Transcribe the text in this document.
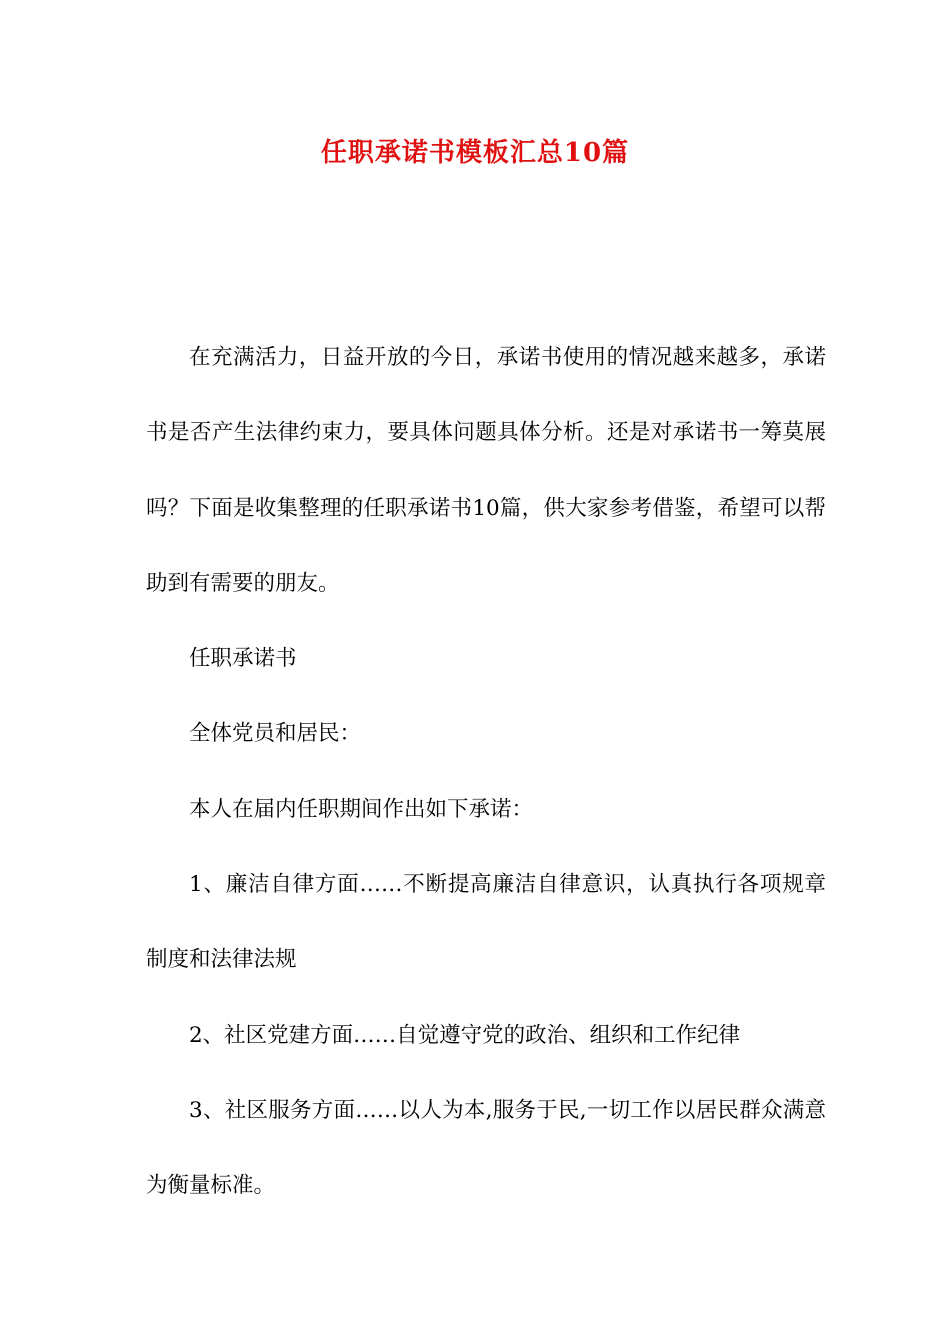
任职承诺书模板汇总10篇

在充满活力，日益开放的今日，承诺书使用的情况越来越多，承诺书是否产生法律约束力，要具体问题具体分析。还是对承诺书一筹莫展吗？下面是收集整理的任职承诺书10篇，供大家参考借鉴，希望可以帮助到有需要的朋友。

任职承诺书

全体党员和居民：

本人在届内任职期间作出如下承诺：

1、廉洁自律方面……不断提高廉洁自律意识，认真执行各项规章制度和法律法规

2、社区党建方面……自觉遵守党的政治、组织和工作纪律

3、社区服务方面……以人为本,服务于民,一切工作以居民群众满意为衡量标准。
